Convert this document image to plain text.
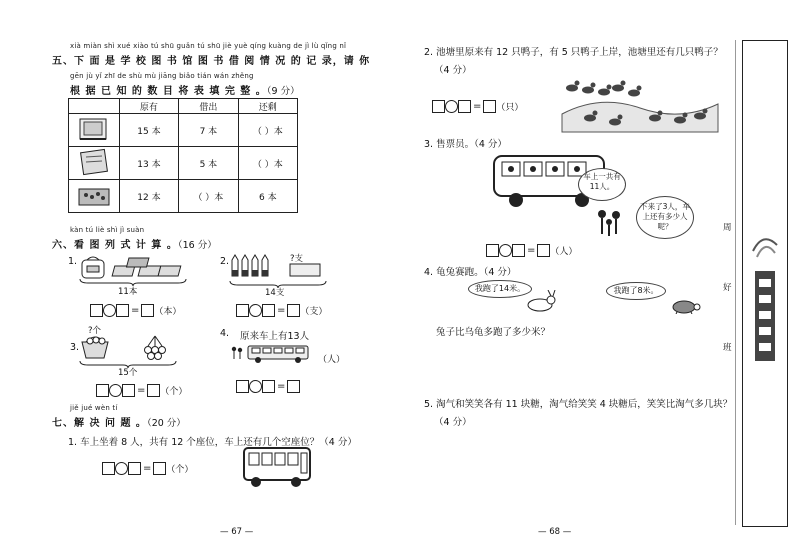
xià miàn shì xué xiào tú shū guǎn tú shū jiè yuè qíng kuàng de jì lù qǐng nǐ
五、下 面 是 学 校 图 书 馆 图 书 借 阅 情 况 的 记 录，请 你
gēn jù yǐ zhī de shù mù jiāng biǎo tián wán zhěng
根 据 已 知 的 数 目 将 表 填 完 整 。（9 分）
	原有	借出	还剩
	15 本	7 本	（ ）本
	13 本	5 本	（ ）本
	12 本	（ ）本	6 本
kàn tú liè shì jì suàn
六、看 图 列 式 计 算 。（16 分）
1.
11本
= （本）
2.	?支
14支
= （支）
3.
?个
15个
= （个）
4. 原来车上有13人
（人）
=
jiě jué wèn tí
七、解 决 问 题 。（20 分）
1. 车上坐着 8 人，共有 12 个座位，车上还有几个空座位？（4 分）
= （个）
— 67 —
2. 池塘里原来有 12 只鸭子，有 5 只鸭子上岸，池塘里还有几只鸭子？
（4 分）
= （只）
3. 售票员。（4 分）
车上一共有11人。
下来了3人，车上还有多少人呢？
= （人）
4. 龟兔赛跑。（4 分）
我跑了14米。	我跑了8米。
兔子比乌龟多跑了多少米？
5. 淘气和笑笑各有 11 块糖，淘气给笑笑 4 块糖后，笑笑比淘气多几块？
（4 分）
— 68 —
周
好
班
